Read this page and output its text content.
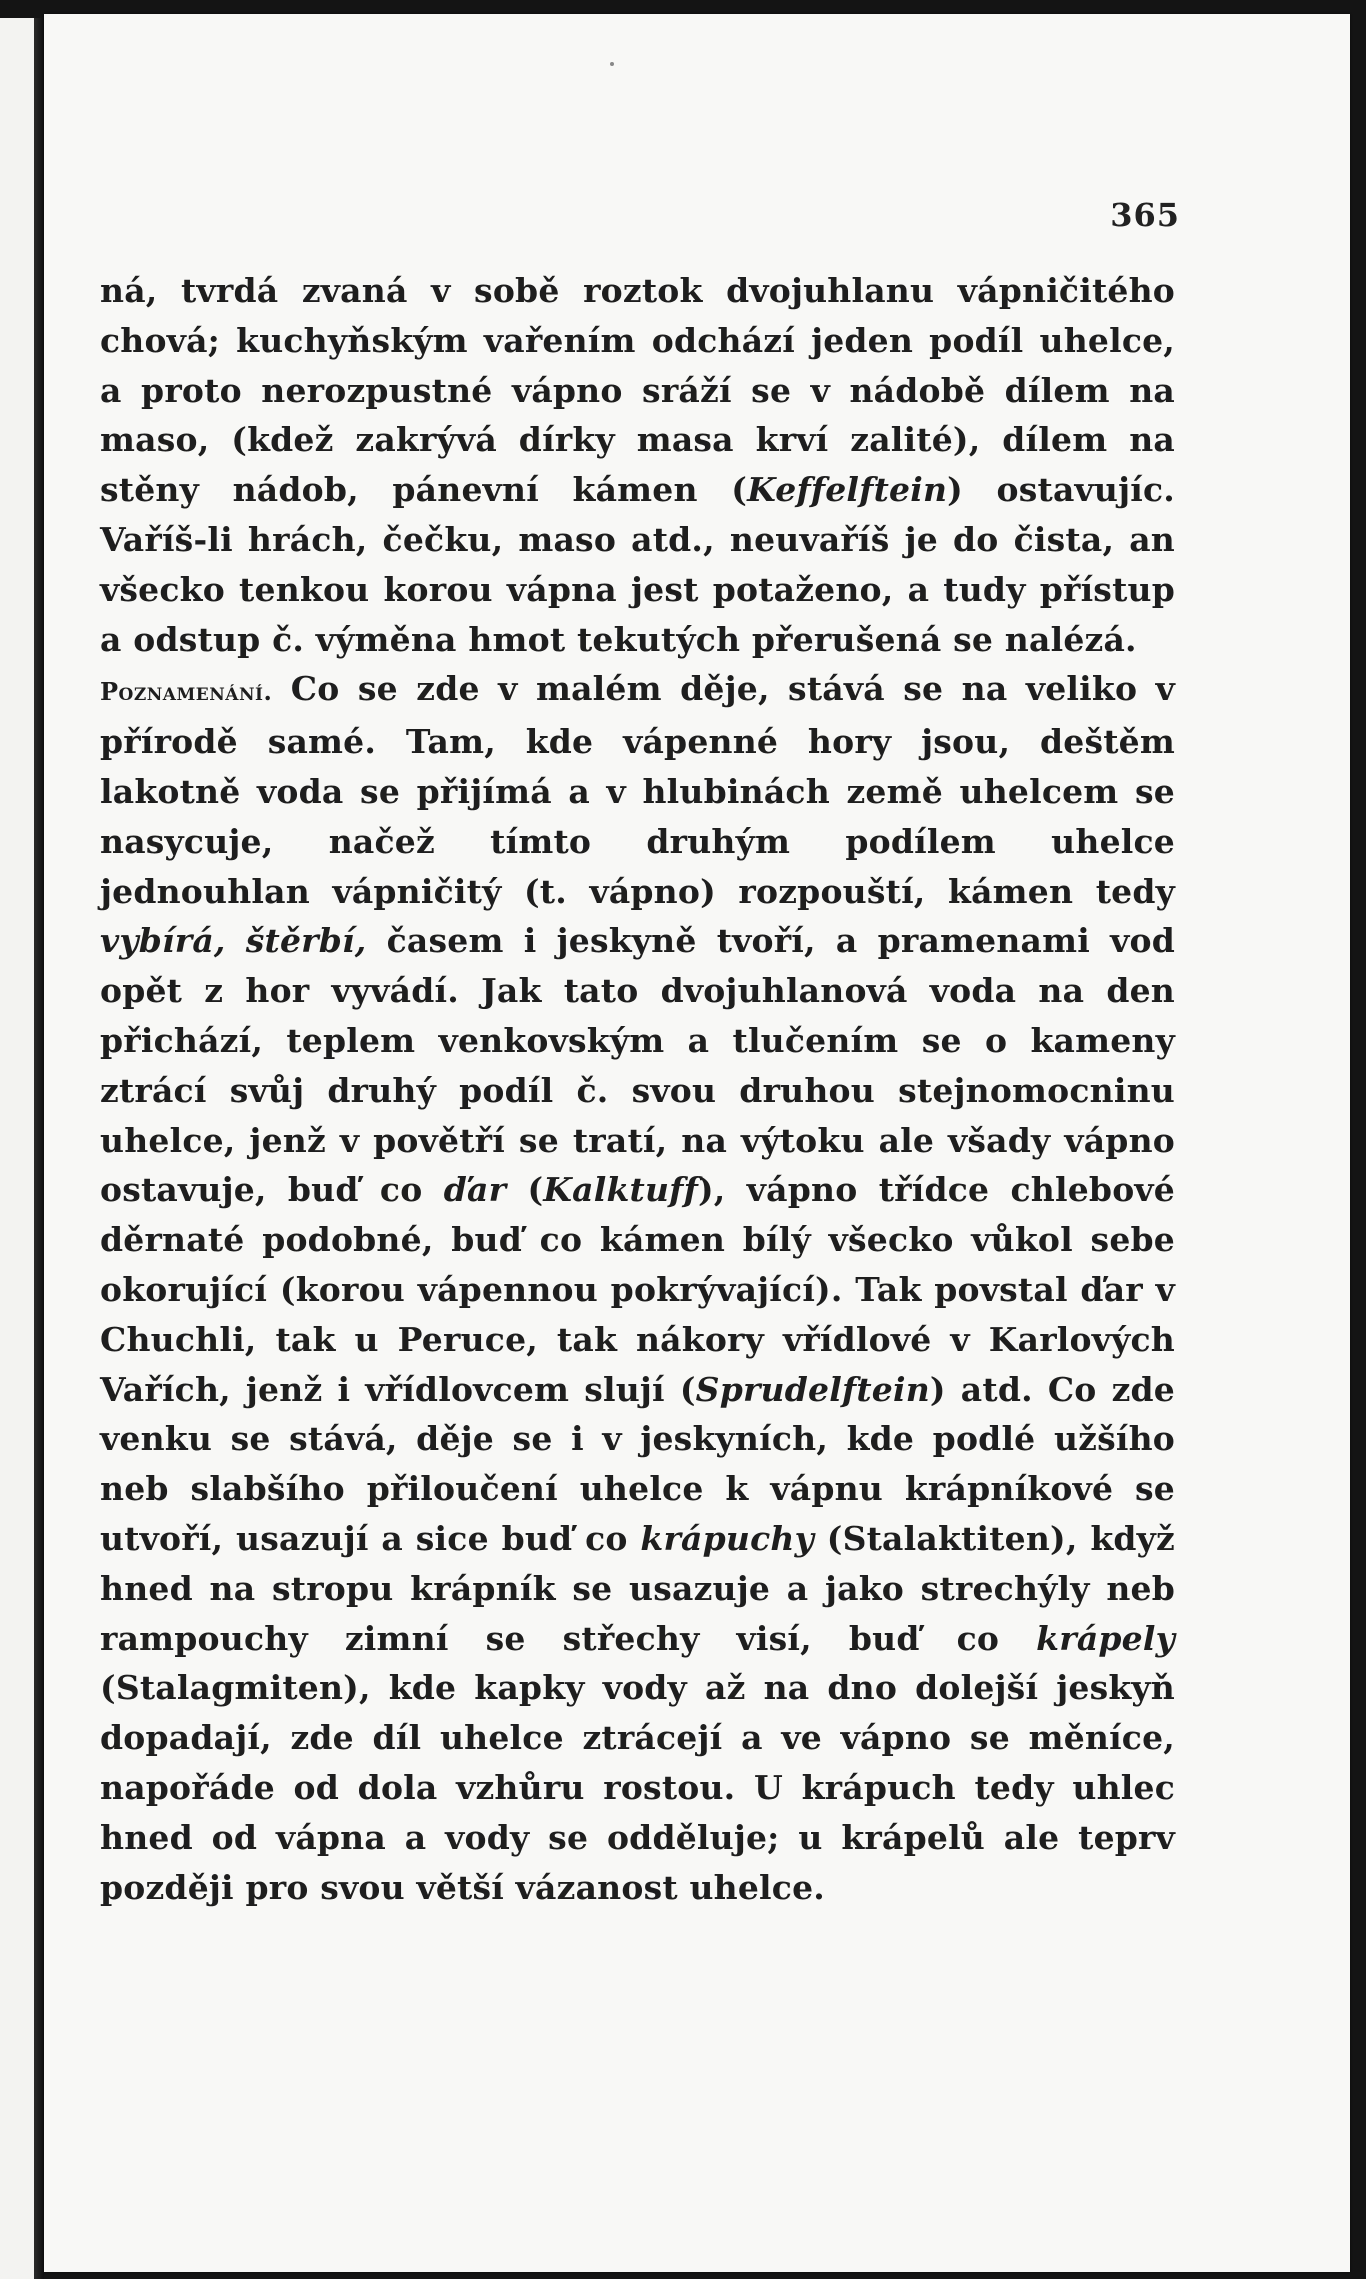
365

ná, tvrdá zvaná v sobě roztok dvojuhlanu vápničitého chová; kuchyňským vařením odchází jeden podíl uhelce, a proto nerozpustné vápno sráží se v nádobě dílem na maso, (kdež zakrývá dírky masa krví zalité), dílem na stěny nádob, pánevní kámen (Keffelftein) ostavujíc. Vaříš-li hrách, čečku, maso atd., neuvaříš je do čista, an všecko tenkou korou vápna jest potaženo, a tudy přístup a odstup č. výměna hmot tekutých přerušená se nalézá.

Poznamenání. Co se zde v malém děje, stává se na veliko v přírodě samé. Tam, kde vápenné hory jsou, deštěm lakotně voda se přijímá a v hlubinách země uhelcem se nasycuje, načež tímto druhým podílem uhelce jednouhlan vápničitý (t. vápno) rozpouští, kámen tedy vybírá, štěrbí, časem i jeskyně tvoří, a pramenami vod opět z hor vyvádí. Jak tato dvojuhlanová voda na den přichází, teplem venkovským a tlučením se o kameny ztrácí svůj druhý podíl č. svou druhou stejnomocninu uhelce, jenž v povětří se tratí, na výtoku ale všady vápno ostavuje, buď co ďar (Kalktuff), vápno třídce chlebové děrnaté podobné, buď co kámen bílý všecko vůkol sebe okorující (korou vápennou pokrývající). Tak povstal ďar v Chuchli, tak u Peruce, tak nákory vřídlové v Karlových Vařích, jenž i vřídlovcem slují (Sprudelftein) atd. Co zde venku se stává, děje se i v jeskyních, kde podlé užšího neb slabšího přiloučení uhelce k vápnu krápníkové se utvoří, usazují a sice buď co krápuchy (Stalaktiten), když hned na stropu krápník se usazuje a jako strechýly neb rampouchy zimní se střechy visí, buď co krápely (Stalagmiten), kde kapky vody až na dno dolejší jeskyň dopadají, zde díl uhelce ztrácejí a ve vápno se měníce, napořáde od dola vzhůru rostou. U krápuch tedy uhlec hned od vápna a vody se odděluje; u krápelů ale teprv později pro svou větší vázanost uhelce.
